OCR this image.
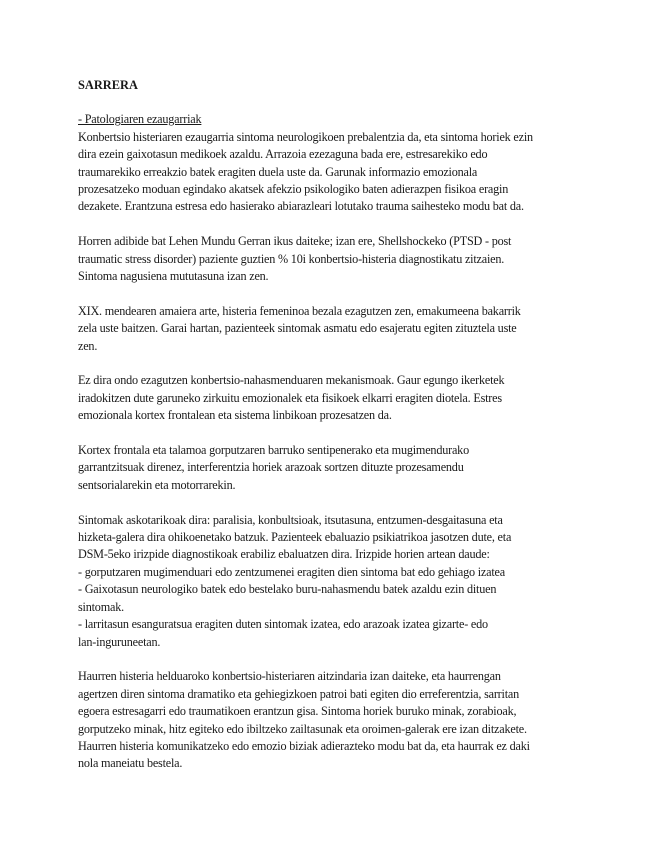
SARRERA
- Patologiaren ezaugarriak
Konbertsio histeriaren ezaugarria sintoma neurologikoen prebalentzia da, eta sintoma horiek ezin
dira ezein gaixotasun medikoek azaldu. Arrazoia ezezaguna bada ere, estresarekiko edo
traumarekiko erreakzio batek eragiten duela uste da. Garunak informazio emozionala
prozesatzeko moduan egindako akatsek afekzio psikologiko baten adierazpen fisikoa eragin
dezakete. Erantzuna estresa edo hasierako abiarazleari lotutako trauma saihesteko modu bat da.
Horren adibide bat Lehen Mundu Gerran ikus daiteke; izan ere, Shellshockeko (PTSD - post
traumatic stress disorder) paziente guztien % 10i konbertsio-histeria diagnostikatu zitzaien.
Sintoma nagusiena mututasuna izan zen.
XIX. mendearen amaiera arte, histeria femeninoa bezala ezagutzen zen, emakumeena bakarrik
zela uste baitzen. Garai hartan, pazienteek sintomak asmatu edo esajeratu egiten zituztela uste
zen.
Ez dira ondo ezagutzen konbertsio-nahasmenduaren mekanismoak. Gaur egungo ikerketek
iradokitzen dute garuneko zirkuitu emozionalek eta fisikoek elkarri eragiten diotela. Estres
emozionala kortex frontalean eta sistema linbikoan prozesatzen da.
Kortex frontala eta talamoa gorputzaren barruko sentipenerako eta mugimendurako
garrantzitsuak direnez, interferentzia horiek arazoak sortzen dituzte prozesamendu
sentsorialarekin eta motorrarekin.
Sintomak askotarikoak dira: paralisia, konbultsioak, itsutasuna, entzumen-desgaitasuna eta
hizketa-galera dira ohikoenetako batzuk. Pazienteek ebaluazio psikiatrikoa jasotzen dute, eta
DSM-5eko irizpide diagnostikoak erabiliz ebaluatzen dira. Irizpide horien artean daude:
- gorputzaren mugimenduari edo zentzumenei eragiten dien sintoma bat edo gehiago izatea
- Gaixotasun neurologiko batek edo bestelako buru-nahasmendu batek azaldu ezin dituen
sintomak.
- larritasun esanguratsua eragiten duten sintomak izatea, edo arazoak izatea gizarte- edo
lan-inguruneetan.
Haurren histeria helduaroko konbertsio-histeriaren aitzindaria izan daiteke, eta haurrengan
agertzen diren sintoma dramatiko eta gehiegizkoen patroi bati egiten dio erreferentzia, sarritan
egoera estresagarri edo traumatikoen erantzun gisa. Sintoma horiek buruko minak, zorabioak,
gorputzeko minak, hitz egiteko edo ibiltzeko zailtasunak eta oroimen-galerak ere izan ditzakete.
Haurren histeria komunikatzeko edo emozio biziak adierazteko modu bat da, eta haurrak ez daki
nola maneiatu bestela.
